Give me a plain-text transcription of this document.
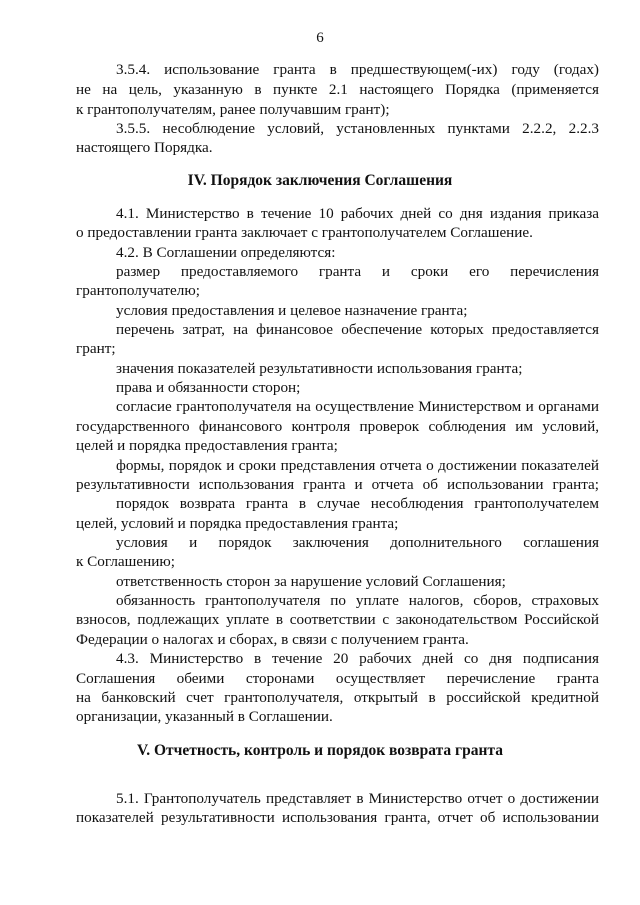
6
3.5.4. использование гранта в предшествующем(-их) году (годах)
не на цель, указанную в пункте 2.1 настоящего Порядка (применяется
к грантополучателям, ранее получавшим грант);
3.5.5. несоблюдение условий, установленных пунктами 2.2.2, 2.2.3
настоящего Порядка.
IV. Порядок заключения Соглашения
4.1. Министерство в течение 10 рабочих дней со дня издания приказа
о предоставлении гранта заключает с грантополучателем Соглашение.
4.2. В Соглашении определяются:
размер предоставляемого гранта и сроки его перечисления
грантополучателю;
условия предоставления и целевое назначение гранта;
перечень затрат, на финансовое обеспечение которых предоставляется
грант;
значения показателей результативности использования гранта;
права и обязанности сторон;
согласие грантополучателя на осуществление Министерством и органами
государственного финансового контроля проверок соблюдения им условий,
целей и порядка предоставления гранта;
формы, порядок и сроки представления отчета о достижении показателей
результативности использования гранта и отчета об использовании гранта;
порядок возврата гранта в случае несоблюдения грантополучателем
целей, условий и порядка предоставления гранта;
условия и порядок заключения дополнительного соглашения
к Соглашению;
ответственность сторон за нарушение условий Соглашения;
обязанность грантополучателя по уплате налогов, сборов, страховых
взносов, подлежащих уплате в соответствии с законодательством Российской
Федерации о налогах и сборах, в связи с получением гранта.
4.3. Министерство в течение 20 рабочих дней со дня подписания
Соглашения обеими сторонами осуществляет перечисление гранта
на банковский счет грантополучателя, открытый в российской кредитной
организации, указанный в Соглашении.
V. Отчетность, контроль и порядок возврата гранта
5.1. Грантополучатель представляет в Министерство отчет о достижении
показателей результативности использования гранта, отчет об использовании
